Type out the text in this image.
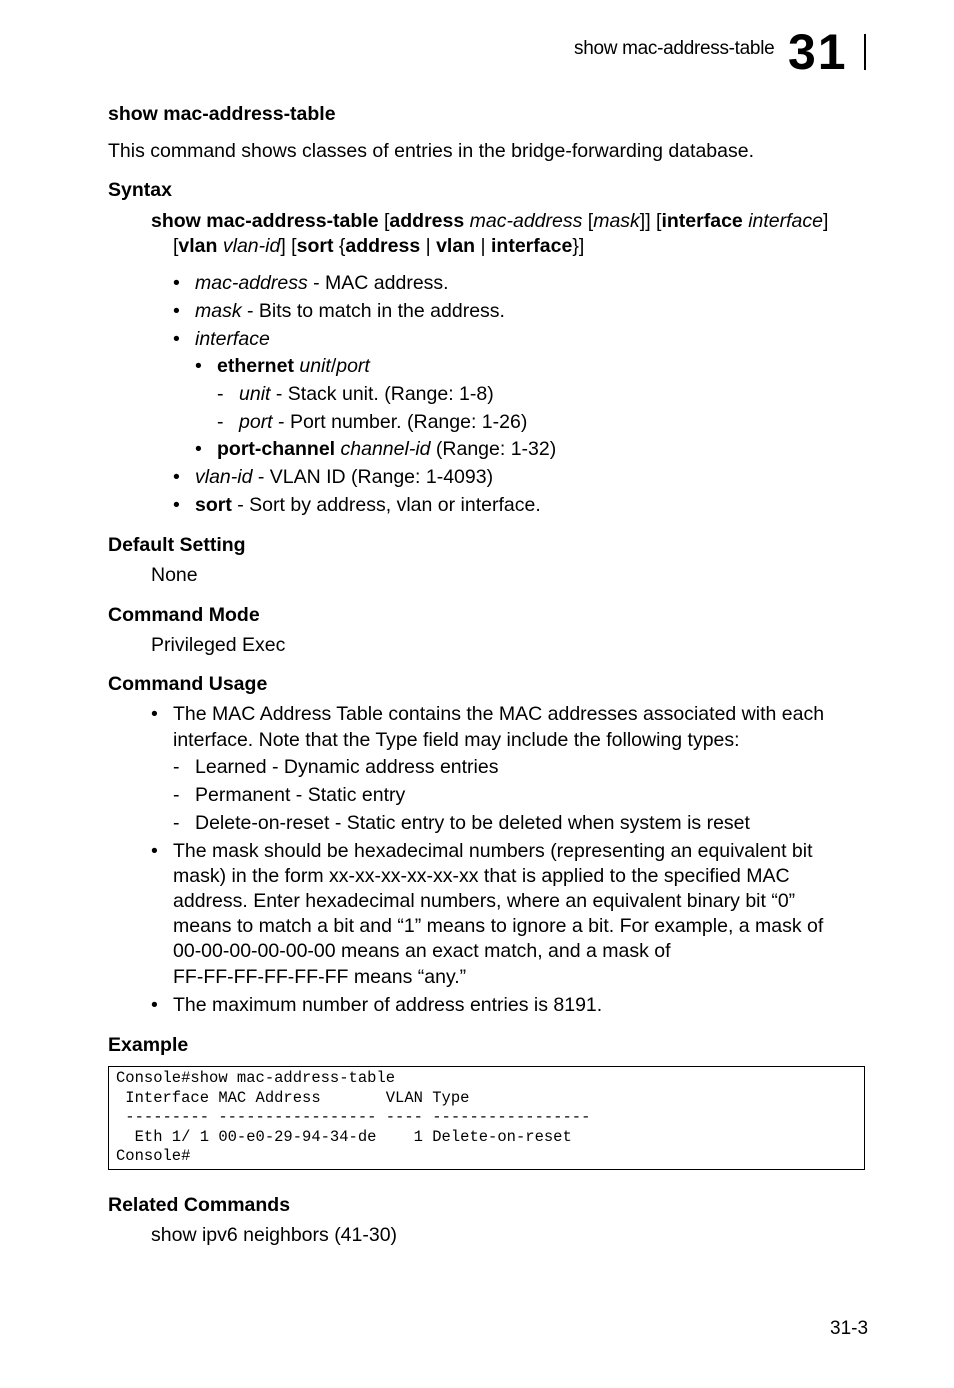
show mac-address-table 31
show mac-address-table
This command shows classes of entries in the bridge-forwarding database.
Syntax
show mac-address-table [address mac-address [mask]] [interface interface]
[vlan vlan-id] [sort {address | vlan | interface}]
• mac-address - MAC address.
• mask - Bits to match in the address.
• interface
• ethernet unit/port
- unit - Stack unit. (Range: 1-8)
- port - Port number. (Range: 1-26)
• port-channel channel-id (Range: 1-32)
• vlan-id - VLAN ID (Range: 1-4093)
• sort - Sort by address, vlan or interface.
Default Setting
None
Command Mode
Privileged Exec
Command Usage
• The MAC Address Table contains the MAC addresses associated with each
interface. Note that the Type field may include the following types:
- Learned - Dynamic address entries
- Permanent - Static entry
- Delete-on-reset - Static entry to be deleted when system is reset
• The mask should be hexadecimal numbers (representing an equivalent bit
mask) in the form xx-xx-xx-xx-xx-xx that is applied to the specified MAC
address. Enter hexadecimal numbers, where an equivalent binary bit “0”
means to match a bit and “1” means to ignore a bit. For example, a mask of
00-00-00-00-00-00 means an exact match, and a mask of
FF-FF-FF-FF-FF-FF means “any.”
• The maximum number of address entries is 8191.
Example
Console#show mac-address-table
Interface MAC Address       VLAN Type
--------- ----------------- ---- -----------------
Eth 1/ 1 00-e0-29-94-34-de    1 Delete-on-reset
Console#
Related Commands
show ipv6 neighbors (41-30)
31-3
